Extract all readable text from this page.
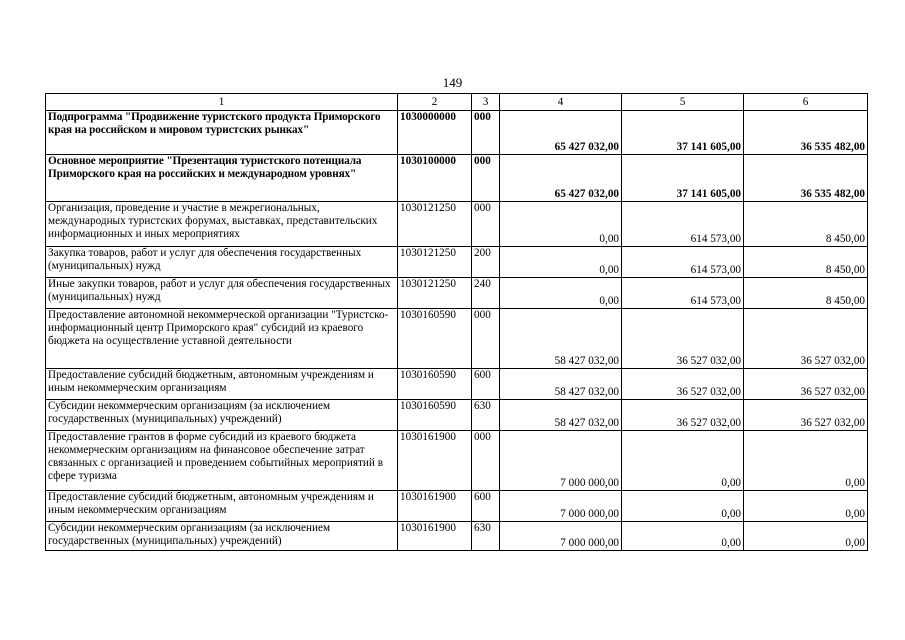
149
1	2	3	4	5	6
Подпрограмма "Продвижение туристского продукта Приморского края на российском и мировом туристских рынках"	1030000000	000	65 427 032,00	37 141 605,00	36 535 482,00
Основное мероприятие "Презентация туристского потенциала Приморского края на российских и международном уровнях"	1030100000	000	65 427 032,00	37 141 605,00	36 535 482,00
Организация, проведение и участие в межрегиональных, международных туристских форумах, выставках, представительских информационных и иных мероприятиях	1030121250	000	0,00	614 573,00	8 450,00
Закупка товаров, работ и услуг для обеспечения государственных (муниципальных) нужд	1030121250	200	0,00	614 573,00	8 450,00
Иные закупки товаров, работ и услуг для обеспечения государственных (муниципальных) нужд	1030121250	240	0,00	614 573,00	8 450,00
Предоставление автономной некоммерческой организации "Туристско-информационный центр Приморского края" субсидий из краевого бюджета на осуществление уставной деятельности	1030160590	000	58 427 032,00	36 527 032,00	36 527 032,00
Предоставление субсидий бюджетным, автономным учреждениям и иным некоммерческим организациям	1030160590	600	58 427 032,00	36 527 032,00	36 527 032,00
Субсидии некоммерческим организациям (за исключением государственных (муниципальных) учреждений)	1030160590	630	58 427 032,00	36 527 032,00	36 527 032,00
Предоставление грантов в форме субсидий из краевого бюджета некоммерческим организациям на финансовое обеспечение затрат связанных с организацией и проведением событийных мероприятий в сфере туризма	1030161900	000	7 000 000,00	0,00	0,00
Предоставление субсидий бюджетным, автономным учреждениям и иным некоммерческим организациям	1030161900	600	7 000 000,00	0,00	0,00
Субсидии некоммерческим организациям (за исключением государственных (муниципальных) учреждений)	1030161900	630	7 000 000,00	0,00	0,00
